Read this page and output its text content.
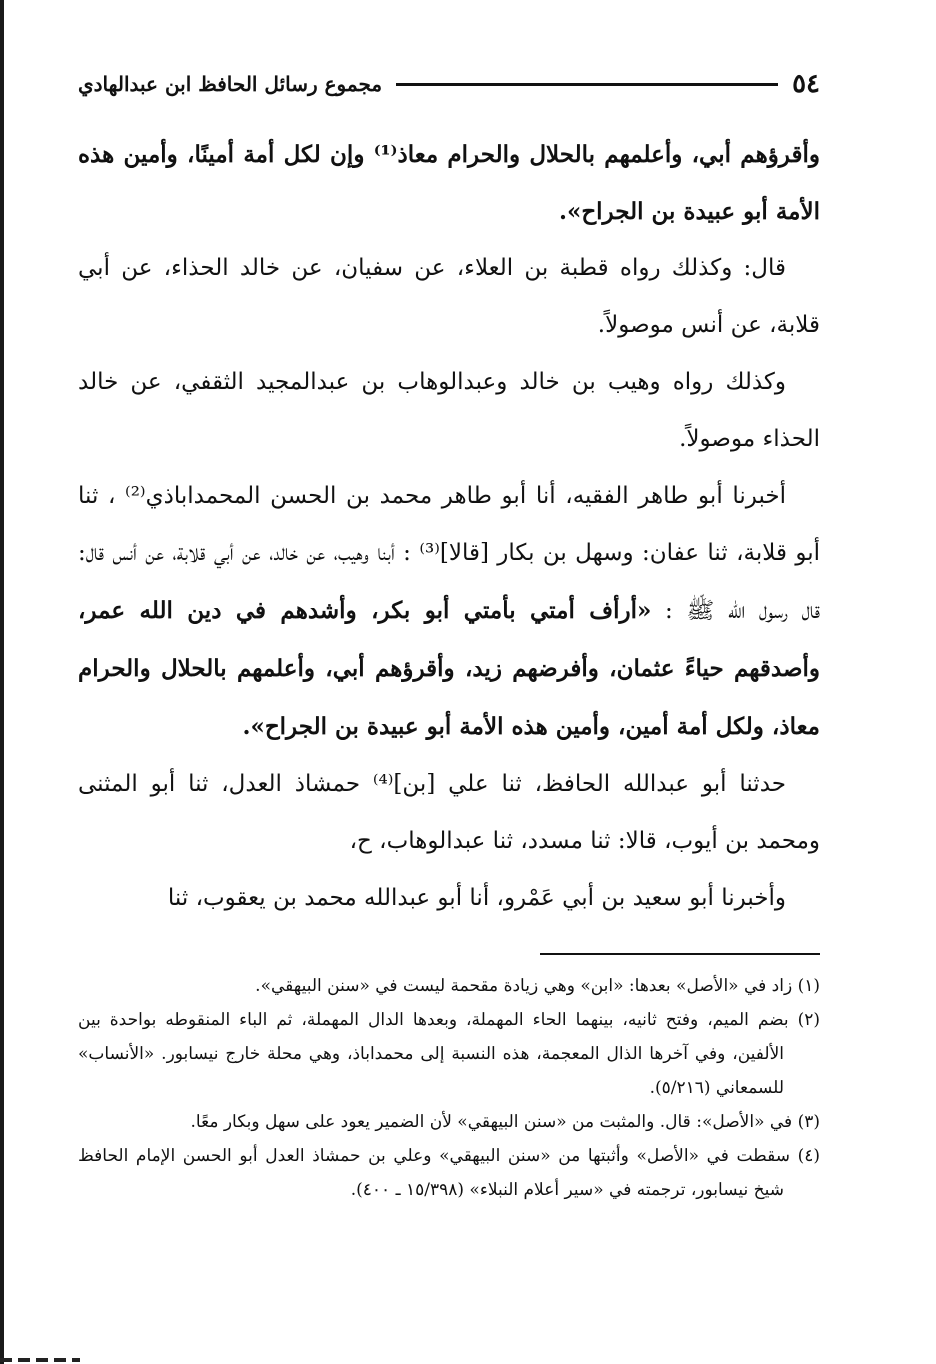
٥٤
مجموع رسائل الحافظ ابن عبدالهادي

وأقرؤهم أبي، وأعلمهم بالحلال والحرام معاذ⁽¹⁾ وإن لكل أمة أمينًا، وأمين هذه الأمة أبو عبيدة بن الجراح».

قال: وكذلك رواه قطبة بن العلاء، عن سفيان، عن خالد الحذاء، عن أبي قلابة، عن أنس موصولاً.

وكذلك رواه وهيب بن خالد وعبدالوهاب بن عبدالمجيد الثقفي، عن خالد الحذاء موصولاً.

أخبرنا أبو طاهر الفقيه، أنا أبو طاهر محمد بن الحسن المحمداباذي⁽²⁾ ، ثنا أبو قلابة، ثنا عفان: وسهل بن بكار [قالا]⁽³⁾ : أبنا وهيب، عن خالد، عن أبي قلابة، عن أنس قال: قال رسول الله ﷺ : «أرأف أمتي بأمتي أبو بكر، وأشدهم في دين الله عمر، وأصدقهم حياءً عثمان، وأفرضهم زيد، وأقرؤهم أبي، وأعلمهم بالحلال والحرام معاذ، ولكل أمة أمين، وأمين هذه الأمة أبو عبيدة بن الجراح».

حدثنا أبو عبدالله الحافظ، ثنا علي [بن]⁽⁴⁾ حمشاذ العدل، ثنا أبو المثنى ومحمد بن أيوب، قالا: ثنا مسدد، ثنا عبدالوهاب، ح،

وأخبرنا أبو سعيد بن أبي عَمْرو، أنا أبو عبدالله محمد بن يعقوب، ثنا

(١) زاد في «الأصل» بعدها: «ابن» وهي زيادة مقحمة ليست في «سنن البيهقي».

(٢) بضم الميم، وفتح ثانيه، بينهما الحاء المهملة، وبعدها الدال المهملة، ثم الباء المنقوطه بواحدة بين الألفين، وفي آخرها الذال المعجمة، هذه النسبة إلى محمداباذ، وهي محلة خارج نيسابور. «الأنساب» للسمعاني (٥/٢١٦).

(٣) في «الأصل»: قال. والمثبت من «سنن البيهقي» لأن الضمير يعود على سهل وبكار معًا.

(٤) سقطت في «الأصل» وأثبتها من «سنن البيهقي» وعلي بن حمشاذ العدل أبو الحسن الإمام الحافظ شيخ نيسابور، ترجمته في «سير أعلام النبلاء» (١٥/٣٩٨ ـ ٤٠٠).
